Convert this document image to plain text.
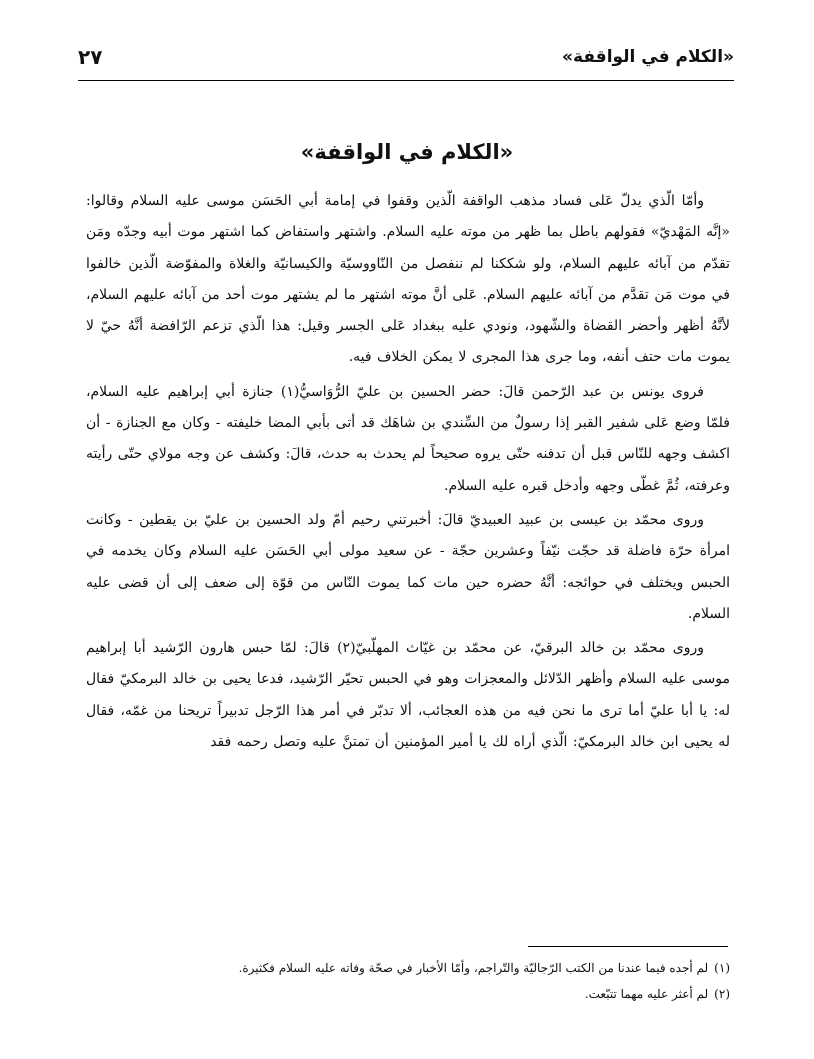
«الكلام في الواقفة»
٢٧
«الكلام في الواقفة»

وأمّا الّذي يدلّ عَلى فساد مذهب الواقفة الّذين وقفوا في إمامة أبي الحَسَن موسى عليه السلام وقالوا: «إنَّه المَهْديّ» فقولهم باطل بما ظهر من موته عليه السلام. واشتهر واستفاض كما اشتهر موت أبيه وجدّه ومَن تقدّم من آبائه عليهم السلام، ولو شككنا لم ننفصل من النّاووسيّة والكيسانيّة والغلاة والمفوّضة الّذين خالفوا في موت مَن تقدَّم من آبائه عليهم السلام. عَلى أنَّ موته اشتهر ما لم يشتهر موت أحد من آبائه عليهم السلام، لأنَّهُ أظهر وأحضر القضاة والشّهود، ونودي عليه ببغداد عَلى الجسر وقيل: هذا الّذي تزعم الرّافضة أنَّهُ حيّ لا يموت مات حتف أنفه، وما جرى هذا المجرى لا يمكن الخلاف فيه.

فروى يونس بن عبد الرّحمن قالَ: حضر الحسين بن عليّ الرُّوَاسيُّ(١) جنازة أبي إبراهيم عليه السلام، فلمّا وضع عَلى شفير القبر إذا رسولٌ من السِّندي بن شاهَك قد أتى بأبي المضا خليفته - وكان مع الجنازة - أن اكشف وجهه للنّاس قبل أن تدفنه حتّى يروه صحيحاً لم يحدث به حدث، قالَ: وكشف عن وجه مولاي حتّى رأيته وعرفته، ثُمَّ غطّى وجهه وأدخل قبره عليه السلام.

وروى محمّد بن عيسى بن عبيد العبيديّ قالَ: أخبرتني رحيم أمّ ولد الحسين بن عليّ بن يقطين - وكانت امرأة حرّة فاضلة قد حجّت نيّفاً وعشرين حجّة - عن سعيد مولى أبي الحَسَن عليه السلام وكان يخدمه في الحبس ويختلف في حوائجه: أنَّهُ حضره حين مات كما يموت النّاس من قوّة إلى ضعف إلى أن قضى عليه السلام.

وروى محمّد بن خالد البرقيّ، عن محمّد بن غيّاث المهلّبيّ(٢) قالَ: لمّا حبس هارون الرّشيد أبا إبراهيم موسى عليه السلام وأظهر الدّلائل والمعجزات وهو في الحبس تحيّر الرّشيد، فدعا يحيى بن خالد البرمكيّ فقال له: يا أبا عليّ أما ترى ما نحن فيه من هذه العجائب، ألا تدبّر في أمر هذا الرّجل تدبيراً تريحنا من غمّه، فقال له يحيى ابن خالد البرمكيّ: الّذي أراه لك يا أمير المؤمنين أن تمتنَّ عليه وتصل رحمه فقد

(١)
لم أجده فيما عندنا من الكتب الرّجاليّة والتّراجم، وأمّا الأخبار في صحّة وفاته عليه السلام فكثيرة.
(٢)
لم أعثر عليه مهما تتبّعت.
